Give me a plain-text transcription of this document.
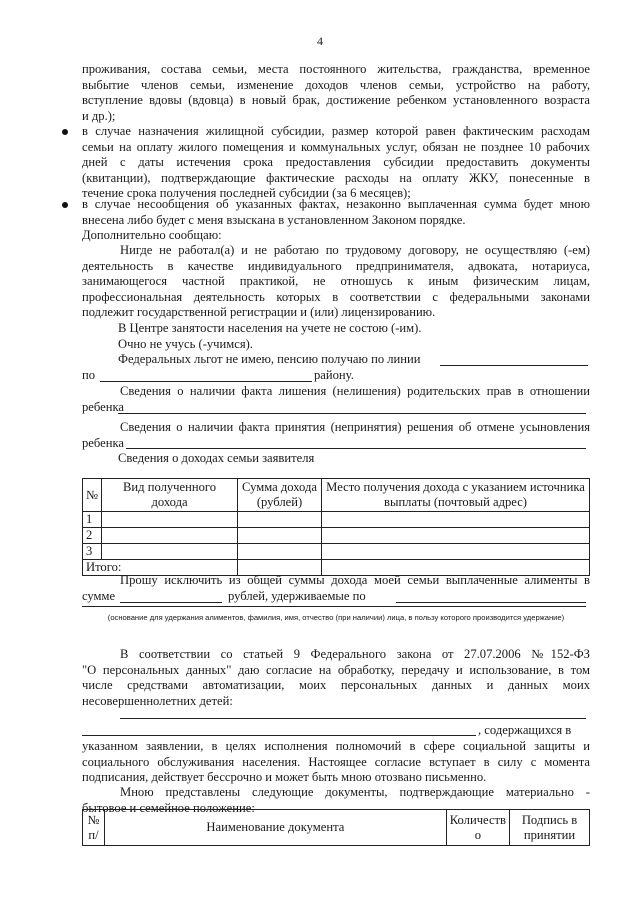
4
проживания, состава семьи, места постоянного жительства, гражданства, временное
выбытие членов семьи, изменение доходов членов семьи, устройство на работу,
вступление вдовы (вдовца) в новый брак, достижение ребенком установленного возраста
и др.);
в случае назначения жилищной субсидии, размер которой равен фактическим расходам
семьи на оплату жилого помещения и коммунальных услуг, обязан не позднее 10 рабочих
дней с даты истечения срока предоставления субсидии предоставить документы
(квитанции), подтверждающие фактические расходы на оплату ЖКУ, понесенные в
течение срока получения последней субсидии (за 6 месяцев);
в случае несообщения об указанных фактах, незаконно выплаченная сумма будет мною
внесена либо будет с меня взыскана в установленном Законом порядке.
Дополнительно сообщаю:
Нигде не работал(а) и не работаю по трудовому договору, не осуществляю (-ем)
деятельность в качестве индивидуального предпринимателя, адвоката, нотариуса,
занимающегося частной практикой, не отношусь к иным физическим лицам,
профессиональная деятельность которых в соответствии с федеральными законами
подлежит государственной регистрации и (или) лицензированию.
В Центре занятости населения на учете не состою (-им).
Очно не учусь (-учимся).
Федеральных льгот не имею, пенсию получаю по линии
по	району.
Сведения о наличии факта лишения (нелишения) родительских прав в отношении
ребенка
Сведения о наличии факта принятия (непринятия) решения об отмене усыновления
ребенка
Сведения о доходах семьи заявителя
№	Вид полученного дохода	Сумма дохода (рублей)	Место получения дохода с указанием источника выплаты (почтовый адрес)
1			
2			
3			
Итого:			
Прошу исключить из общей суммы дохода моей семьи выплаченные алименты в
сумме	рублей, удерживаемые по
(основание для удержания алиментов, фамилия, имя, отчество (при наличии) лица, в пользу которого производится удержание)
В соответствии со статьей 9 Федерального закона от 27.07.2006 №152-ФЗ
"О персональных данных" даю согласие на обработку, передачу и использование, в том
числе средствами автоматизации, моих персональных данных и данных моих
несовершеннолетних детей:
, содержащихся в
указанном заявлении, в целях исполнения полномочий в сфере социальной защиты и
социального обслуживания населения. Настоящее согласие вступает в силу с момента
подписания, действует бессрочно и может быть мною отозвано письменно.
Мною представлены следующие документы, подтверждающие материально -
бытовое и семейное положение:
№ п/	Наименование документа	Количеств о	Подпись в принятии
